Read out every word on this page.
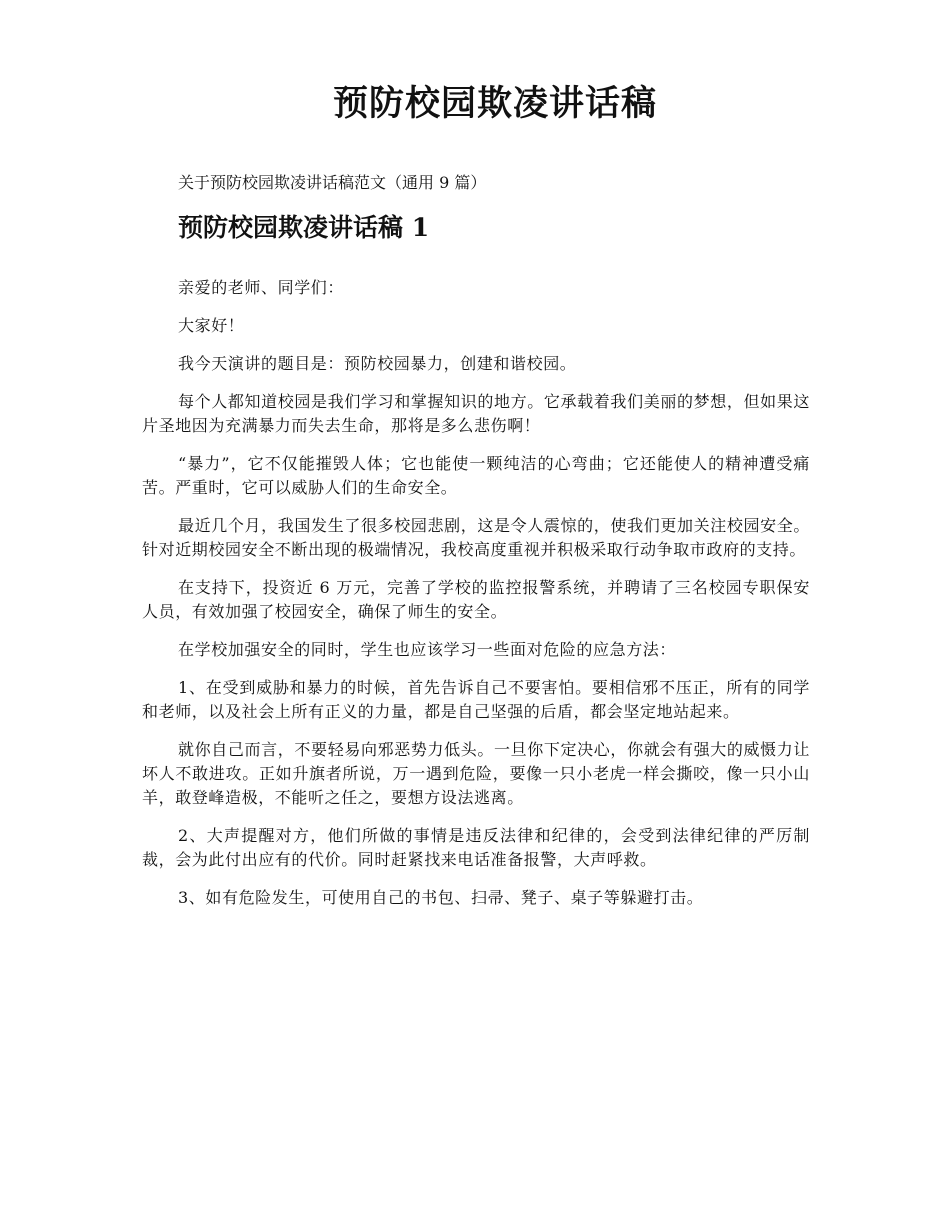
预防校园欺凌讲话稿

关于预防校园欺凌讲话稿范文（通用 9 篇）

预防校园欺凌讲话稿 1

亲爱的老师、同学们：

大家好！

我今天演讲的题目是：预防校园暴力，创建和谐校园。

每个人都知道校园是我们学习和掌握知识的地方。它承载着我们美丽的梦想，但如果这片圣地因为充满暴力而失去生命，那将是多么悲伤啊！

“暴力”，它不仅能摧毁人体；它也能使一颗纯洁的心弯曲；它还能使人的精神遭受痛苦。严重时，它可以威胁人们的生命安全。

最近几个月，我国发生了很多校园悲剧，这是令人震惊的，使我们更加关注校园安全。针对近期校园安全不断出现的极端情况，我校高度重视并积极采取行动争取市政府的支持。

在支持下，投资近 6 万元，完善了学校的监控报警系统，并聘请了三名校园专职保安人员，有效加强了校园安全，确保了师生的安全。

在学校加强安全的同时，学生也应该学习一些面对危险的应急方法：

1、在受到威胁和暴力的时候，首先告诉自己不要害怕。要相信邪不压正，所有的同学和老师，以及社会上所有正义的力量，都是自己坚强的后盾，都会坚定地站起来。

就你自己而言，不要轻易向邪恶势力低头。一旦你下定决心，你就会有强大的威慑力让坏人不敢进攻。正如升旗者所说，万一遇到危险，要像一只小老虎一样会撕咬，像一只小山羊，敢登峰造极，不能听之任之，要想方设法逃离。

2、大声提醒对方，他们所做的事情是违反法律和纪律的，会受到法律纪律的严厉制裁，会为此付出应有的代价。同时赶紧找来电话准备报警，大声呼救。

3、如有危险发生，可使用自己的书包、扫帚、凳子、桌子等躲避打击。
